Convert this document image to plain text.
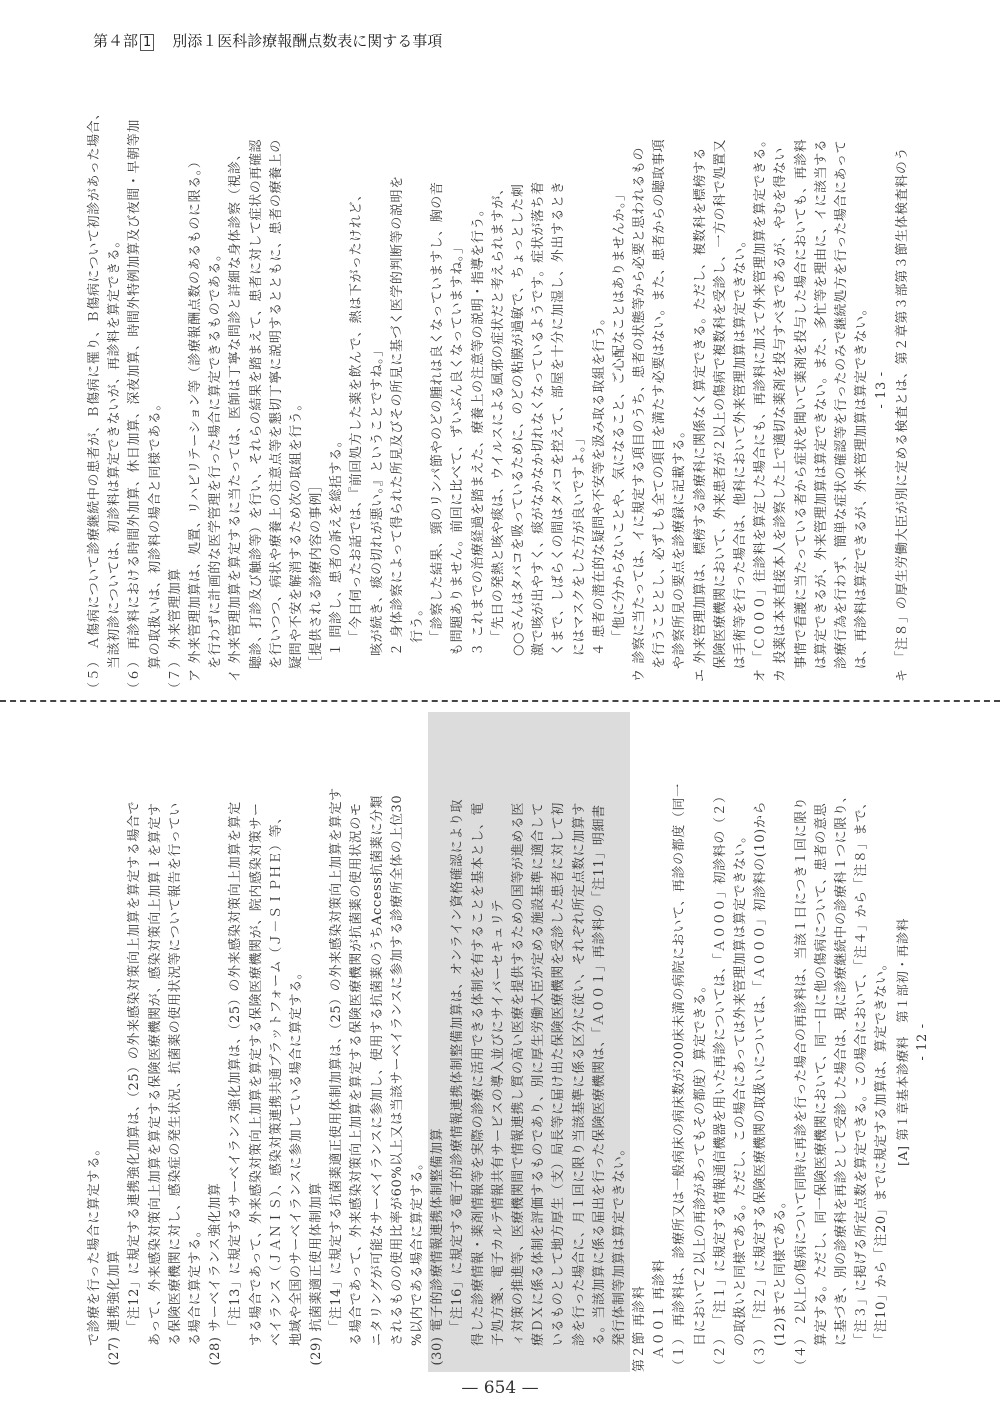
第４部 1 別添１医科診療報酬点数表に関する事項
（５） Ａ傷病について診療継続中の患者が、Ｂ傷病に罹り、Ｂ傷病について初診があった場合、 当該初診については、初診料は算定できないが、再診料を算定できる。 （６） 再診料における時間外加算、休日加算、深夜加算、時間外特例加算及び夜間・早朝等加 算の取扱いは、初診料の場合と同様である。 （７） 外来管理加算 ア 外来管理加算は、処置、リハビリテーション等（診療報酬点数のあるものに限る。） を行わずに計画的な医学管理を行った場合に算定できるものである。 イ 外来管理加算を算定するに当たっては、医師は丁寧な問診と詳細な身体診察（視診、 聴診、打診及び触診等）を行い、それらの結果を踏まえて、患者に対して症状の再確認 を行いつつ、病状や療養上の注意点等を懇切丁寧に説明するとともに、患者の療養上の 疑問や不安を解消するため次の取組を行う。 ［提供される診療内容の事例］ １ 問診し、患者の訴えを総括する。 「今日伺ったお話では、『前回処方した薬を飲んで、熱は下がったけれど、 咳が続き、痰の切れが悪い。』ということですね。」 ２ 身体診察によって得られた所見及びその所見に基づく医学的判断等の説明を 行う。 「診察した結果、頸のリンパ節やのどの腫れは良くなっていますし、胸の音 も問題ありません。前回に比べて、ずいぶん良くなっていますね。」 ３ これまでの治療経過を踏まえた、療養上の注意等の説明・指導を行う。 「先日の発熱と咳や痰は、ウイルスによる風邪の症状だと考えられますが、 ○○さんはタバコを吸っているために、のどの粘膜が過敏で、ちょっとした刺 激で咳が出やすく、痰がなかなか切れなくなっているようです。症状が落ち着 くまで、しばらくの間はタバコを控えて、部屋を十分に加湿し、外出するとき にはマスクをした方が良いですよ。」 ４ 患者の潜在的な疑問や不安等を汲み取る取組を行う。 「他に分からないことや、気になること、ご心配なことはありませんか。」 ウ 診察に当たっては、イに規定する項目のうち、患者の状態等から必要と思われるもの を行うこととし、必ずしも全ての項目を満たす必要はない。また、患者からの聴取事項 や診察所見の要点を診療録に記載する。 エ 外来管理加算は、標榜する診療科に関係なく算定できる。ただし、複数科を標榜する 保険医療機関において、外来患者が２以上の傷病で複数科を受診し、一方の科で処置又 は手術等を行った場合は、他科において外来管理加算は算定できない。 オ 「Ｃ０００」往診料を算定した場合にも、再診料に加えて外来管理加算を算定できる。 カ 投薬は本来直接本人を診察した上で適切な薬剤を投与すべきであるが、やむを得ない 事情で看護に当たっている者から症状を聞いて薬剤を投与した場合においても、再診料 は算定できるが、外来管理加算は算定できない。また、多忙等を理由に、イに該当する 診療行為を行わず、簡単な症状の確認等を行ったのみで継続処方を行った場合にあって は、再診料は算定できるが、外来管理加算は算定できない。 - 13 - キ 「注８」の厚生労働大臣が別に定める検査とは、第２章第３部第３節生体検査料のう
で診療を行った場合に算定する。 (27) 連携強化加算 「注12」に規定する連携強化加算は、（25）の外来感染対策向上加算を算定する場合で あって、外来感染対策向上加算を算定する保険医療機関が、感染対策向上加算１を算定す る保険医療機関に対し、感染症の発生状況、抗菌薬の使用状況等について報告を行ってい る場合に算定する。 (28) サーベイランス強化加算 「注13」に規定するサーベイランス強化加算は、（25）の外来感染対策向上加算を算定 する場合であって、外来感染対策向上加算を算定する保険医療機関が、院内感染対策サー ベイランス（ＪＡＮＩＳ）、感染対策連携共通プラットフォーム（Ｊ－ＳＩＰＨＥ）等、 地域や全国のサーベイランスに参加している場合に算定する。 (29) 抗菌薬適正使用体制加算 「注14」に規定する抗菌薬適正使用体制加算は、（25）の外来感染対策向上加算を算定す る場合であって、外来感染対策向上加算を算定する保険医療機関が抗菌薬の使用状況のモ ニタリングが可能なサーベイランスに参加し、使用する抗菌薬のうちAccess抗菌薬に分類 されるものの使用比率が60%以上又は当該サーベイランスに参加する診療所全体の上位30 %以内である場合に算定する。 (30) 電子的診療情報連携体制整備加算 「注16」に規定する電子的診療情報連携体制整備加算は、オンライン資格確認により取 得した診療情報・薬剤情報等を実際の診療に活用できる体制を有することを基本とし、電 子処方箋、電子カルテ情報共有サービスの導入並びにサイバーセキュリテ ィ対策の推進等、医療機関間で情報連携し質の高い医療を提供するための国等が進める医 療ＤＸに係る体制を評価するものであり、別に厚生労働大臣が定める施設基準に適合して いるものとして地方厚生（支）局長等に届け出た保険医療機関を受診した患者に対して初 診を行った場合に、月１回に限り当該基準に係る区分に従い、それぞれ所定点数に加算す る。当該加算に係る届出を行った保険医療機関は、「Ａ００１」再診料の「注11」明細書 発行体制等加算は算定できない。 第２節 再診料 Ａ００１ 再診料 （１） 再診料は、診療所又は一般病床の病床数が200床未満の病院において、再診の都度（同一 日において２以上の再診があってもその都度）算定できる。 （２） 「注１」に規定する情報通信機器を用いた再診については、「Ａ０００」初診料の（２） の取扱いと同様である。ただし、この場合にあっては外来管理加算は算定できない。 （３） 「注２」に規定する保険医療機関の取扱いについては、「Ａ０００」初診料の(10)から (12)までと同様である。 （４） ２以上の傷病について同時に再診を行った場合の再診料は、当該１日につき１回に限り 算定する。ただし、同一保険医療機関において、同一日に他の傷病について、患者の意思 に基づき、別の診療科を再診として受診した場合は、現に診療継続中の診療科１つに限り、 「注３」に掲げる所定点数を算定できる。この場合において、「注４」から「注８」まで、 「注10」から「注20」までに規定する加算は、算定できない。 [A] 第１章基本診療料　第１部初・再診料 - 12 -
— 654 —
